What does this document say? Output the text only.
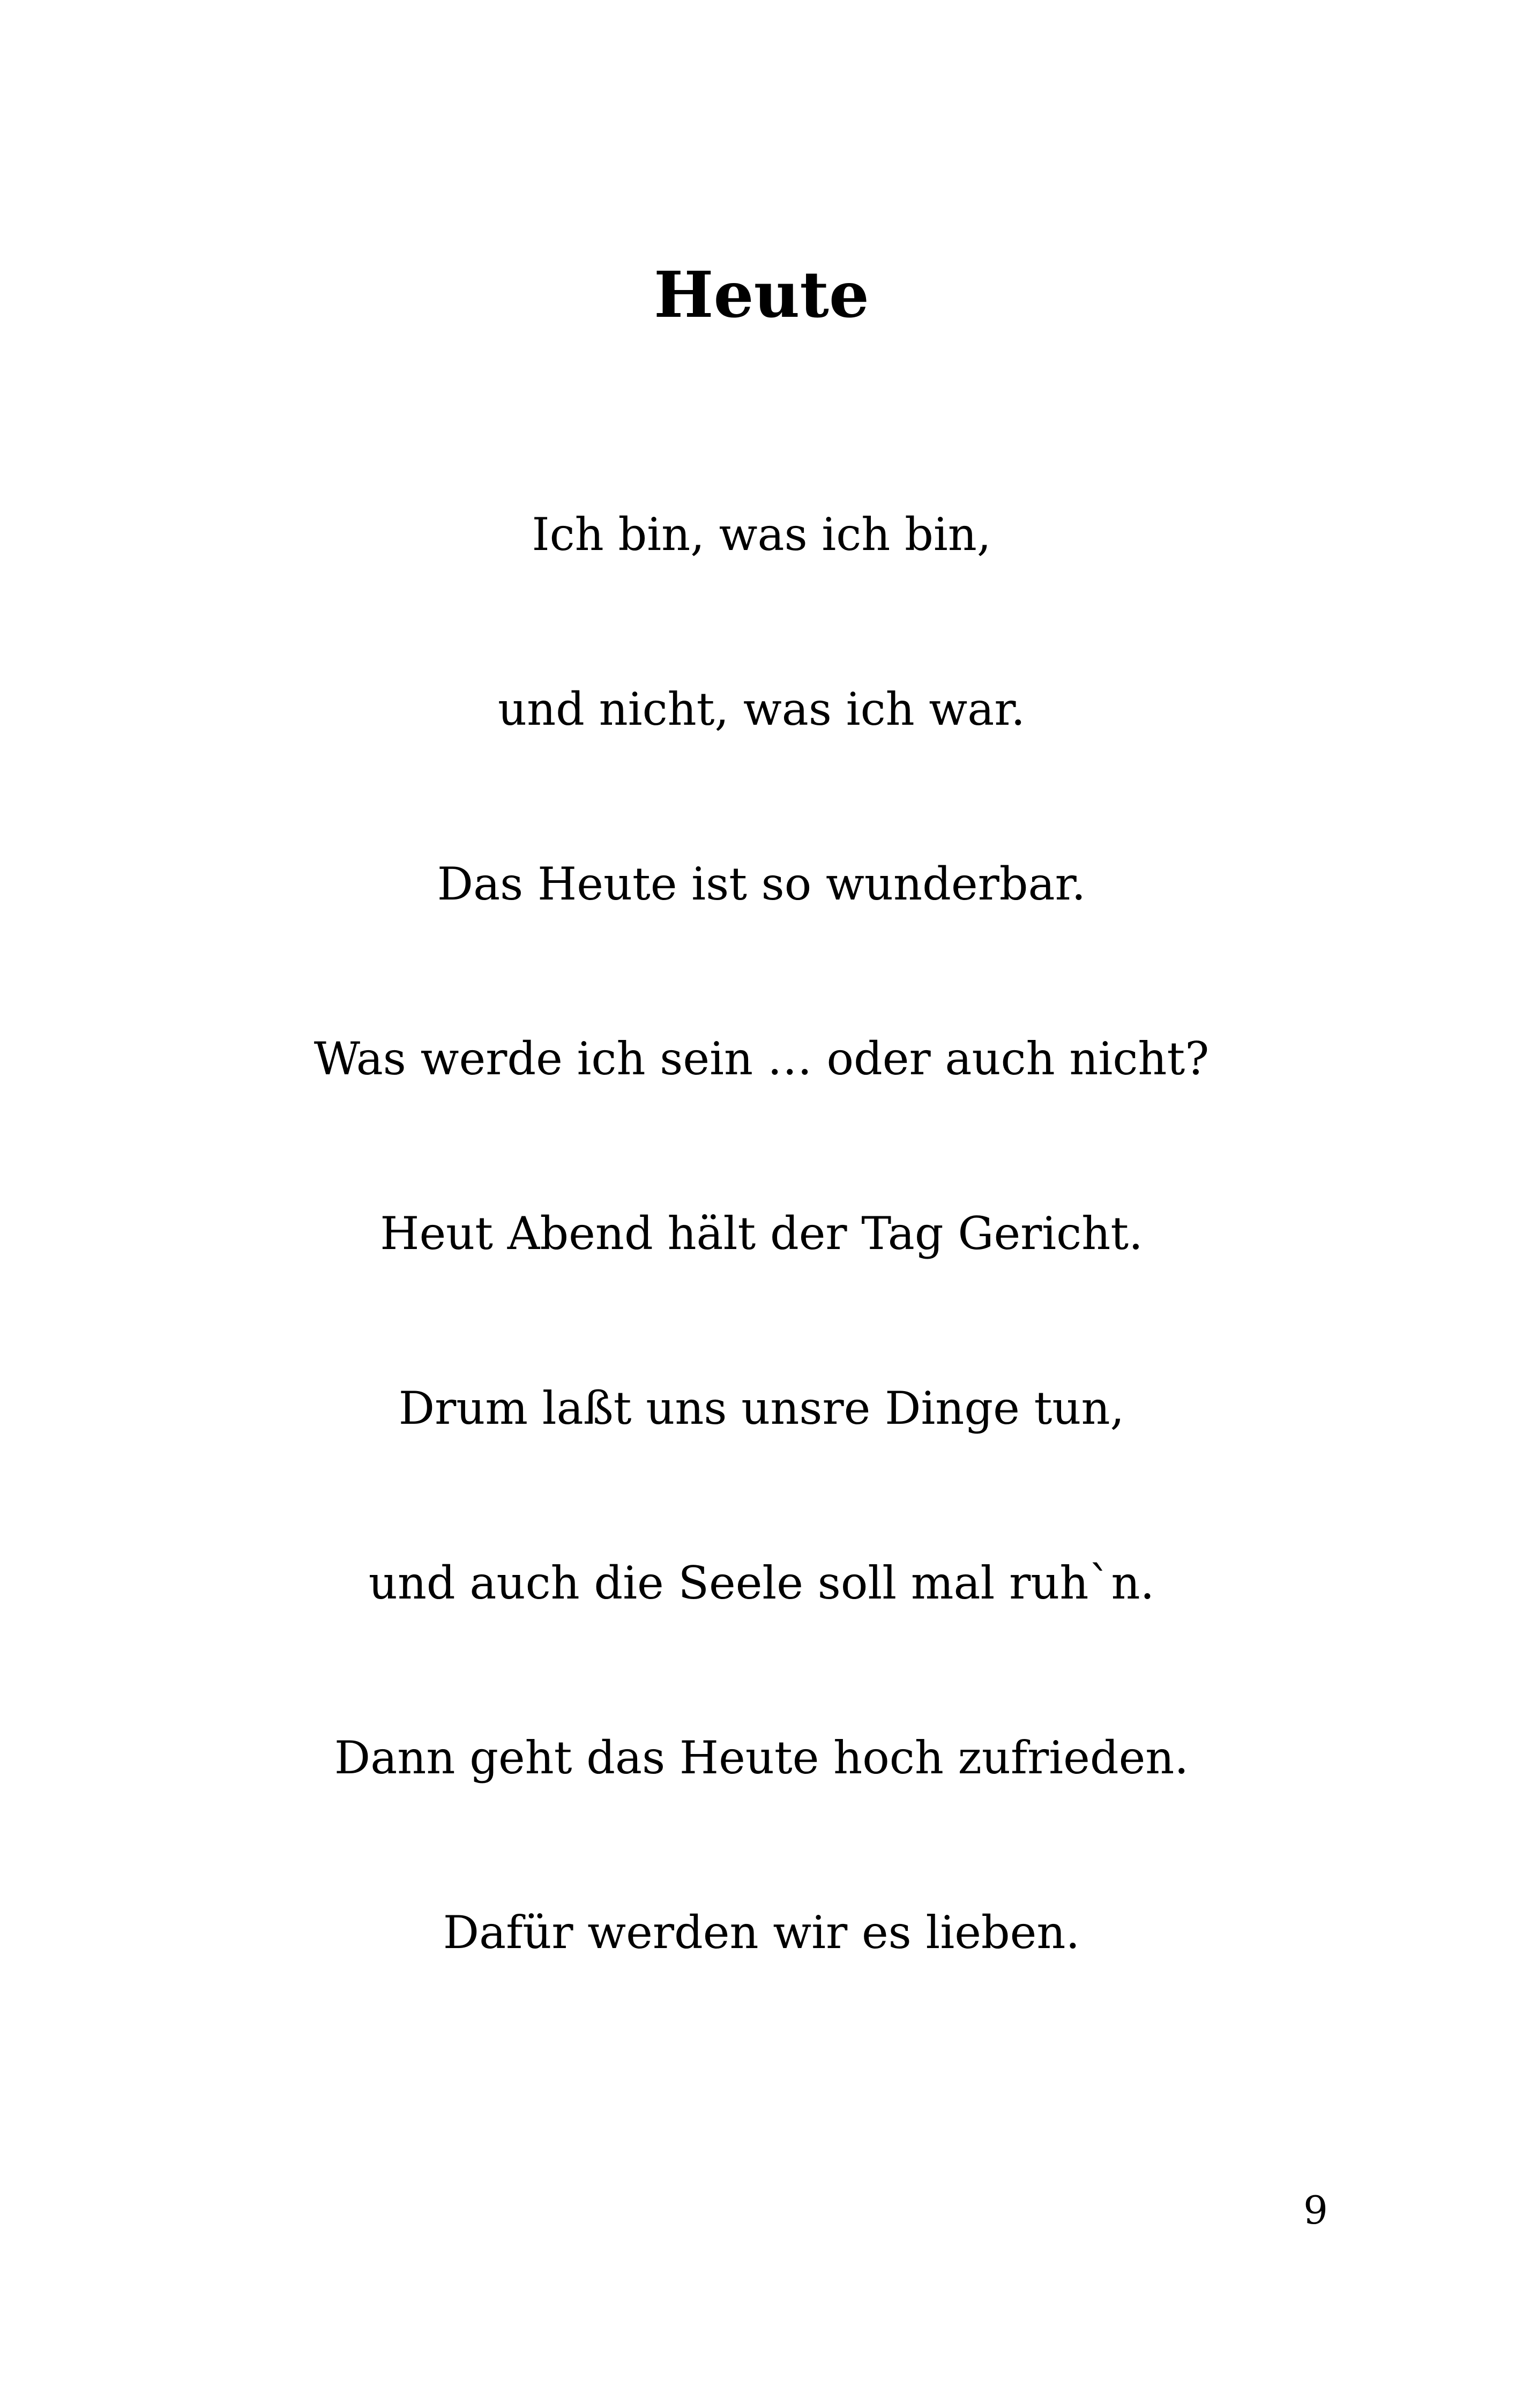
Heute
Ich bin, was ich bin,
und nicht, was ich war.
Das Heute ist so wunderbar.
Was werde ich sein … oder auch nicht?
Heut Abend hält der Tag Gericht.
Drum laßt uns unsre Dinge tun,
und auch die Seele soll mal ruh`n.
Dann geht das Heute hoch zufrieden.
Dafür werden wir es lieben.
9
